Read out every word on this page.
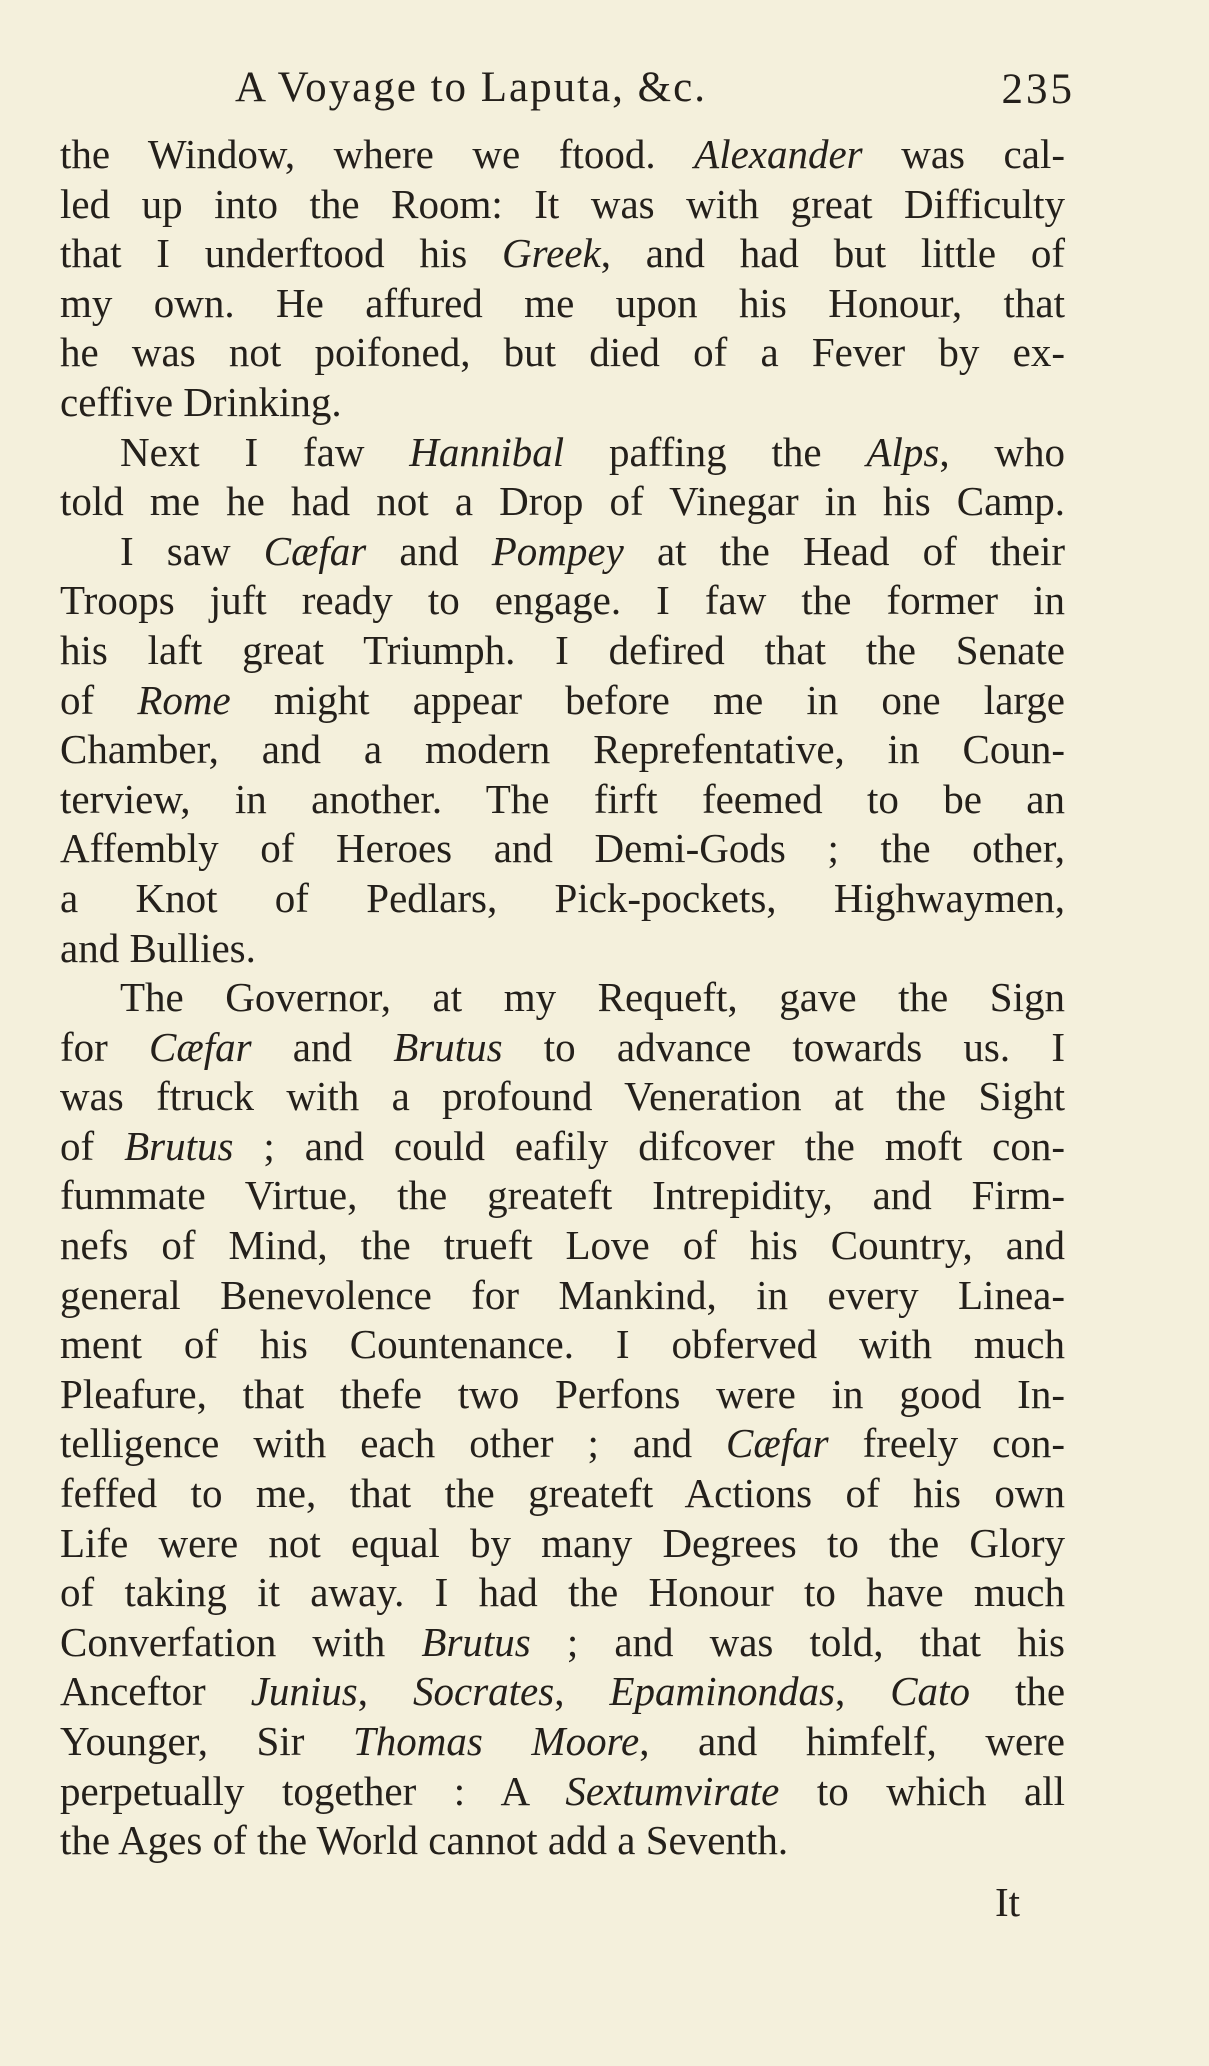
A Voyage to Laputa, &c.	235
the Window, where we ftood. Alexander was cal-
led up into the Room: It was with great Difficulty
that I underftood his Greek, and had but little of
my own. He affured me upon his Honour, that
he was not poifoned, but died of a Fever by ex-
ceffive Drinking.
Next I faw Hannibal paffing the Alps, who
told me he had not a Drop of Vinegar in his Camp.
I saw Cæfar and Pompey at the Head of their
Troops juft ready to engage. I faw the former in
his laft great Triumph. I defired that the Senate
of Rome might appear before me in one large
Chamber, and a modern Reprefentative, in Coun-
terview, in another. The firft feemed to be an
Affembly of Heroes and Demi-Gods ; the other,
a Knot of Pedlars, Pick-pockets, Highwaymen,
and Bullies.
The Governor, at my Requeft, gave the Sign
for Cæfar and Brutus to advance towards us. I
was ftruck with a profound Veneration at the Sight
of Brutus ; and could eafily difcover the moft con-
fummate Virtue, the greateft Intrepidity, and Firm-
nefs of Mind, the trueft Love of his Country, and
general Benevolence for Mankind, in every Linea-
ment of his Countenance. I obferved with much
Pleafure, that thefe two Perfons were in good In-
telligence with each other ; and Cæfar freely con-
feffed to me, that the greateft Actions of his own
Life were not equal by many Degrees to the Glory
of taking it away. I had the Honour to have much
Converfation with Brutus ; and was told, that his
Anceftor Junius, Socrates, Epaminondas, Cato the
Younger, Sir Thomas Moore, and himfelf, were
perpetually together : A Sextumvirate to which all
the Ages of the World cannot add a Seventh.
It
